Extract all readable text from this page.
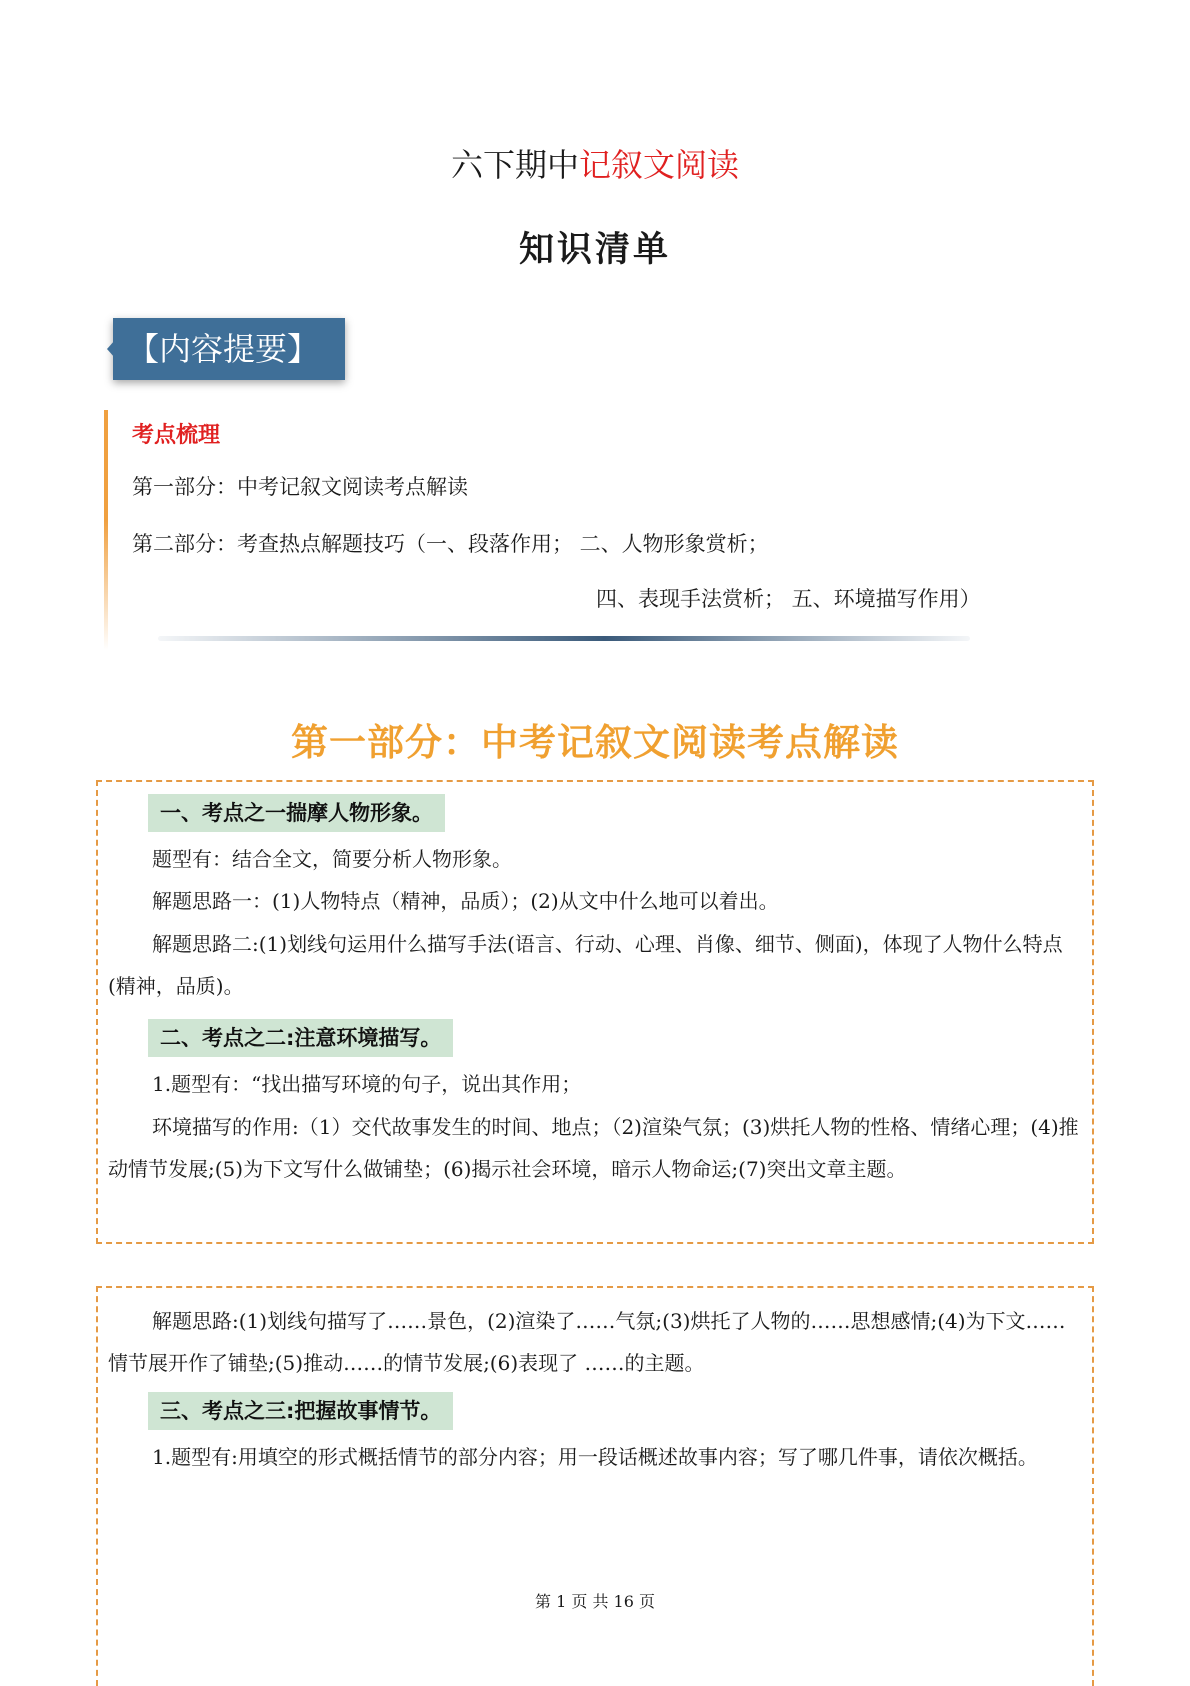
六下期中记叙文阅读
知识清单
【内容提要】
考点梳理
第一部分：中考记叙文阅读考点解读
第二部分：考查热点解题技巧（一、段落作用； 二、人物形象赏析；
四、表现手法赏析； 五、环境描写作用）
第一部分：中考记叙文阅读考点解读
一、考点之一揣摩人物形象。

题型有：结合全文，简要分析人物形象。

解题思路一：(1)人物特点（精神，品质）；(2)从文中什么地可以着出。

解题思路二:(1)划线句运用什么描写手法(语言、行动、心理、肖像、细节、侧面)，体现了人物什么特点(精神，品质)。

二、考点之二:注意环境描写。

1.题型有：“找出描写环境的句子，说出其作用；

环境描写的作用:（1）交代故事发生的时间、地点；（2)渲染气氛；(3)烘托人物的性格、情绪心理；(4)推动情节发展;(5)为下文写什么做铺垫；(6)揭示社会环境，暗示人物命运;(7)突出文章主题。

解题思路:(1)划线句描写了……景色，(2)渲染了……气氛;(3)烘托了人物的……思想感情;(4)为下文……情节展开作了铺垫;(5)推动……的情节发展;(6)表现了 ……的主题。

三、考点之三:把握故事情节。

1.题型有:用填空的形式概括情节的部分内容；用一段话概述故事内容；写了哪几件事，请依次概括。

第 1 页 共 16 页
